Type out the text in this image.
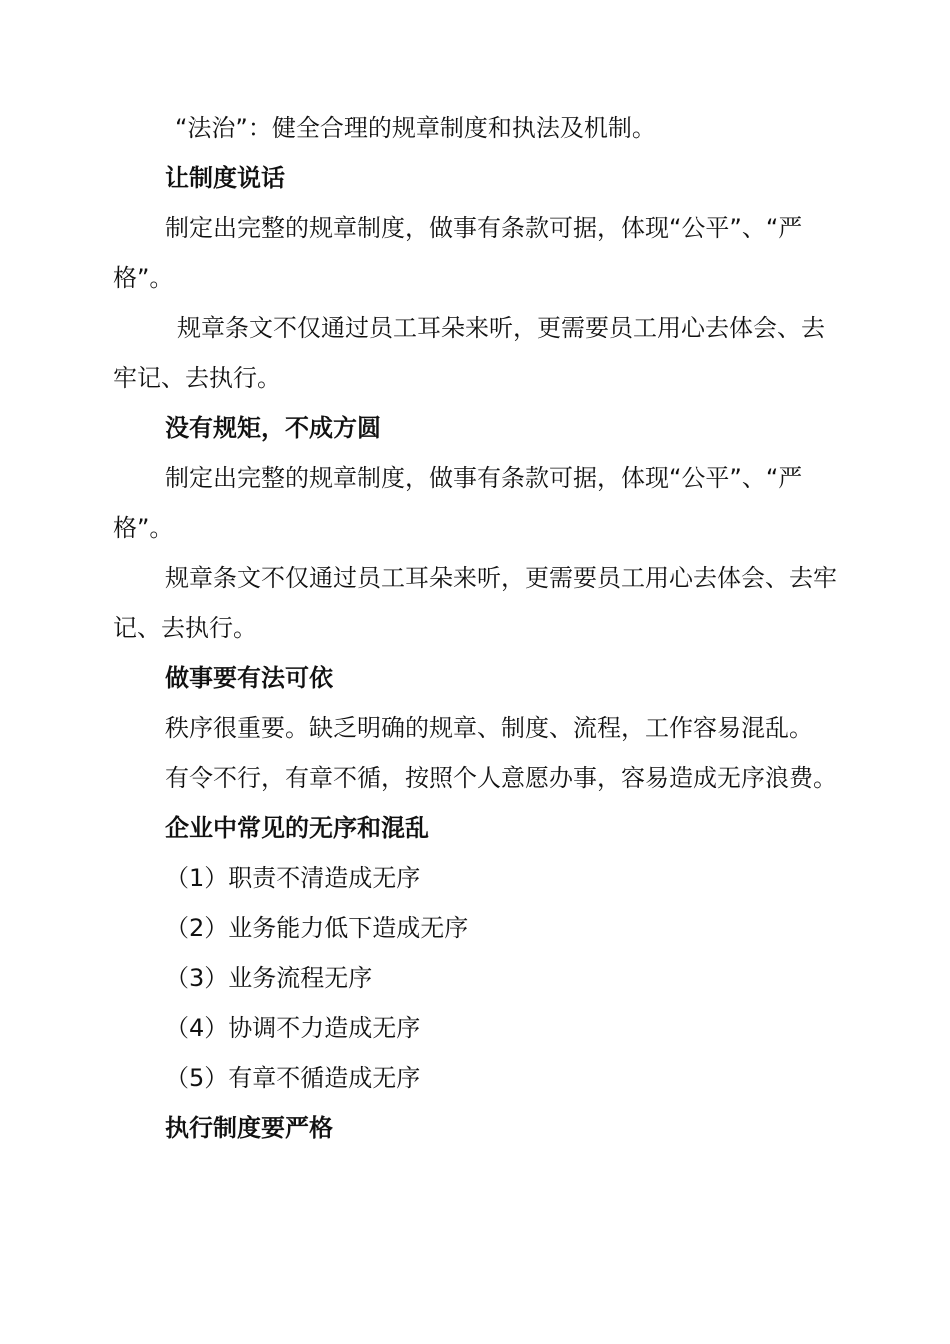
“法治”：健全合理的规章制度和执法及机制。

让制度说话

制定出完整的规章制度，做事有条款可据，体现“公平”、“严格”。

规章条文不仅通过员工耳朵来听，更需要员工用心去体会、去牢记、去执行。

没有规矩，不成方圆

制定出完整的规章制度，做事有条款可据，体现“公平”、“严格”。

规章条文不仅通过员工耳朵来听，更需要员工用心去体会、去牢记、去执行。

做事要有法可依

秩序很重要。缺乏明确的规章、制度、流程，工作容易混乱。

有令不行，有章不循，按照个人意愿办事，容易造成无序浪费。

企业中常见的无序和混乱

（1）职责不清造成无序

（2）业务能力低下造成无序

（3）业务流程无序

（4）协调不力造成无序

（5）有章不循造成无序

执行制度要严格
